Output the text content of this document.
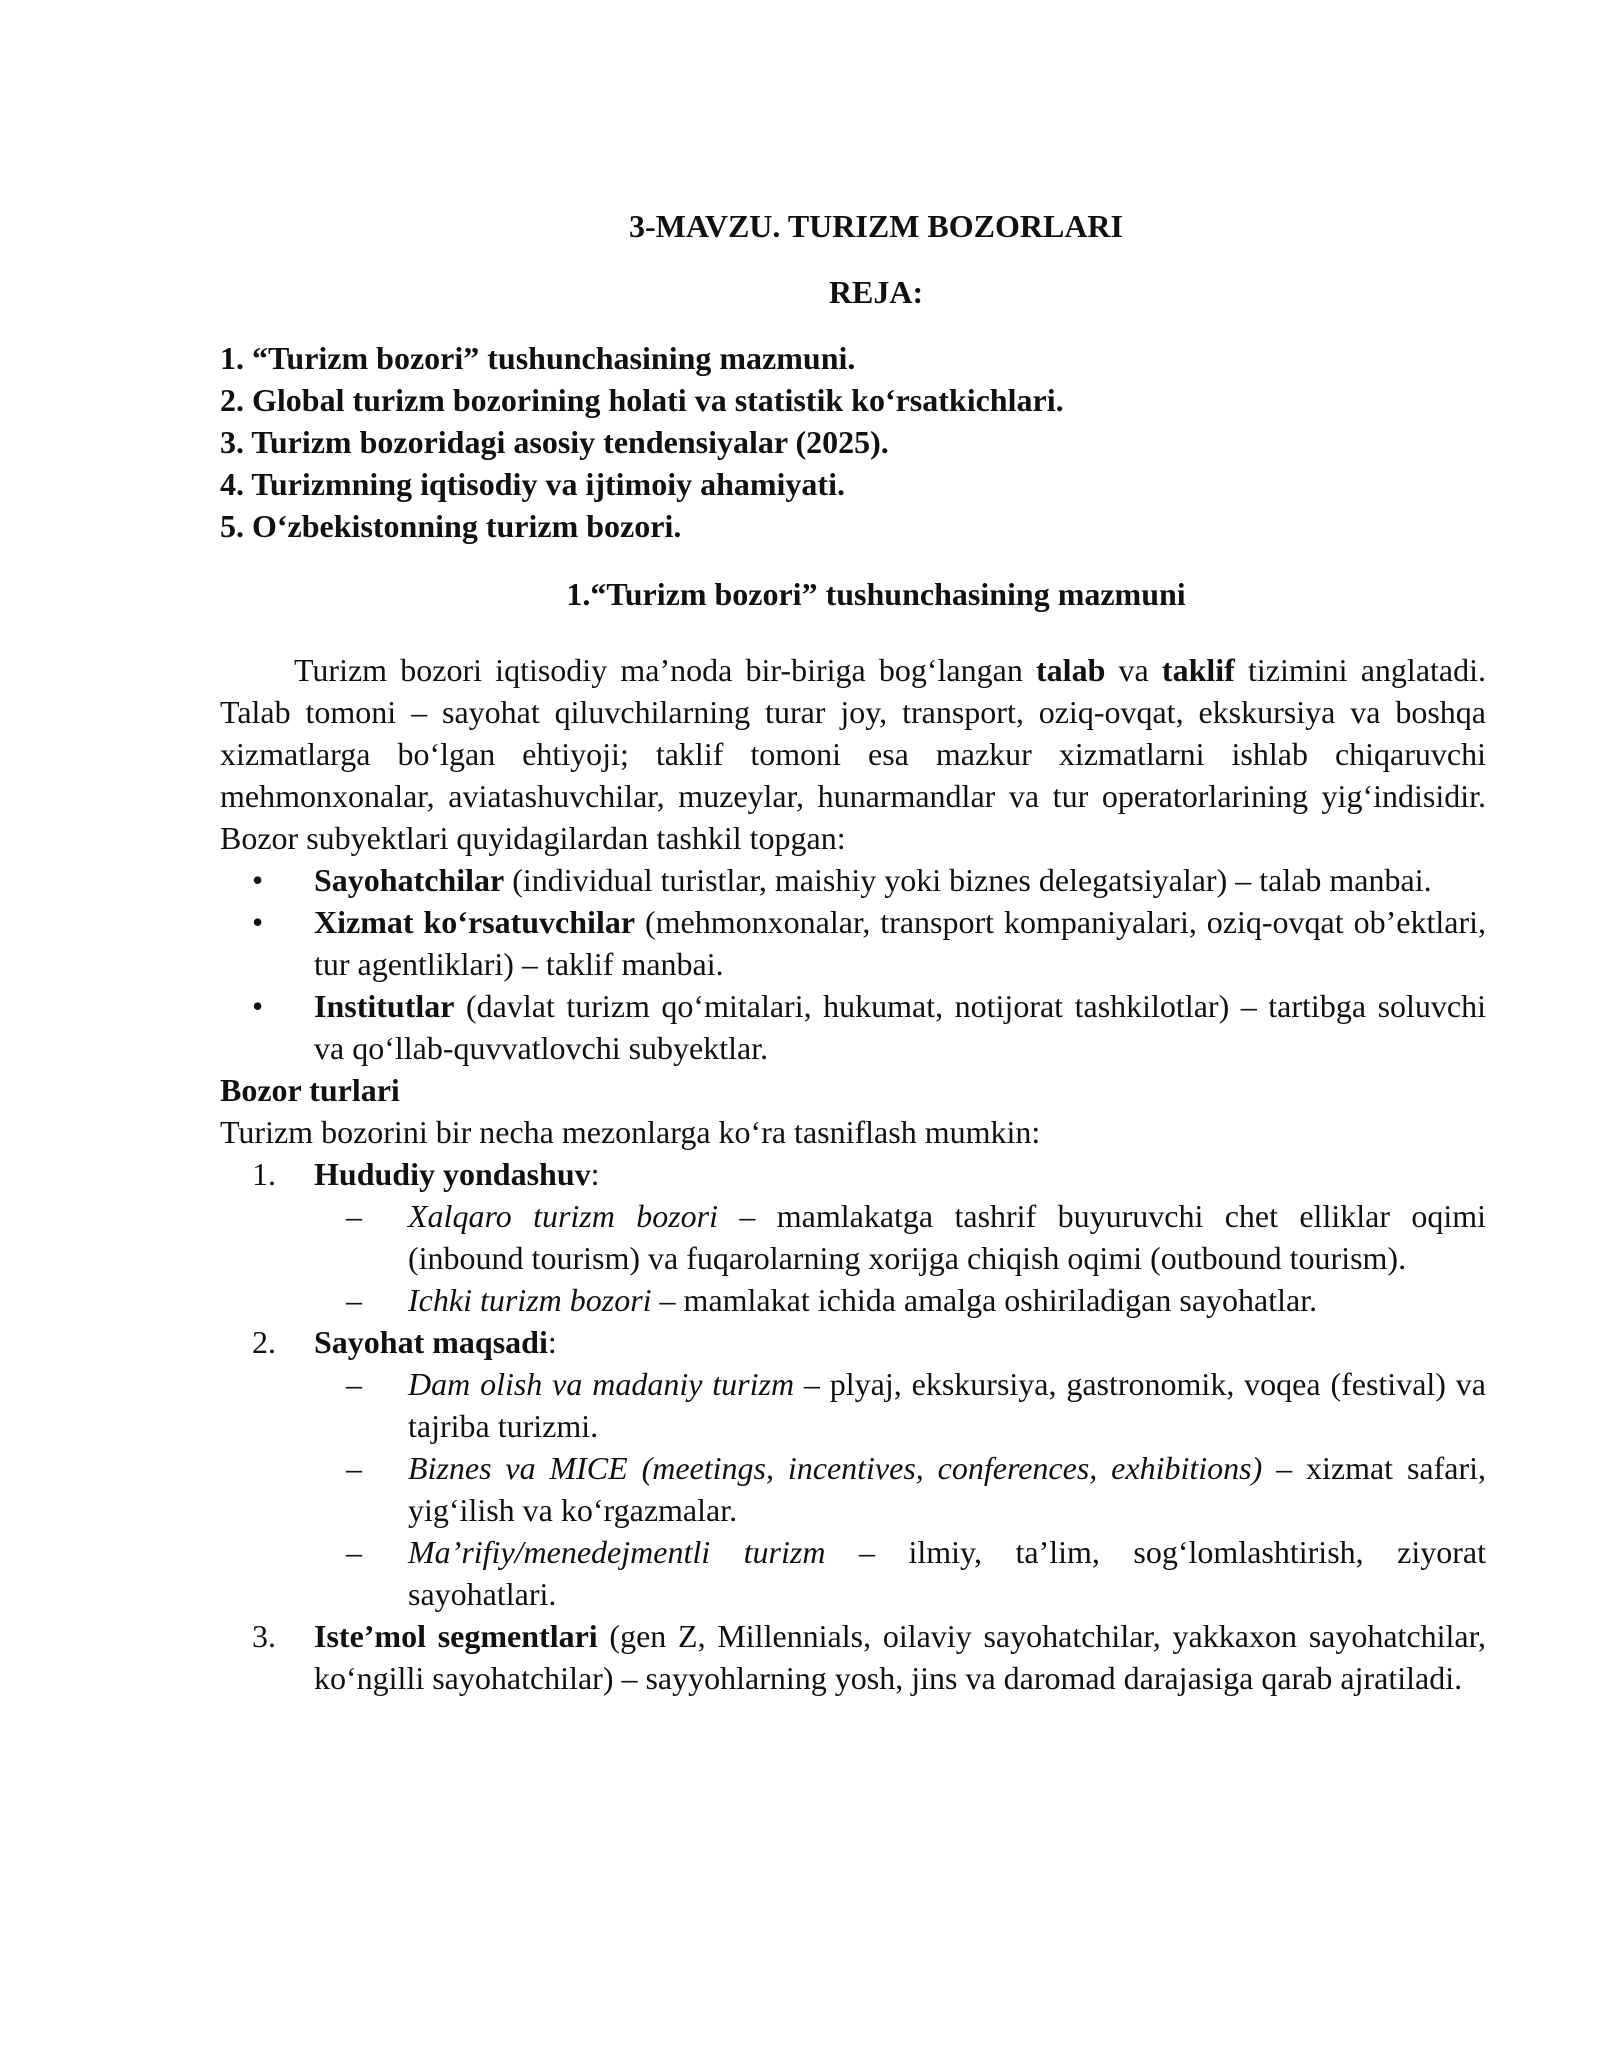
3-MAVZU. TURIZM BOZORLARI

REJA:

1. “Turizm bozori” tushunchasining mazmuni.
2. Global turizm bozorining holati va statistik ko‘rsatkichlari.
3. Turizm bozoridagi asosiy tendensiyalar (2025).
4. Turizmning iqtisodiy va ijtimoiy ahamiyati.
5. O‘zbekistonning turizm bozori.

1.“Turizm bozori” tushunchasining mazmuni

Turizm bozori iqtisodiy ma’noda bir-biriga bog‘langan talab va taklif tizimini anglatadi. Talab tomoni – sayohat qiluvchilarning turar joy, transport, oziq-ovqat, ekskursiya va boshqa xizmatlarga bo‘lgan ehtiyoji; taklif tomoni esa mazkur xizmatlarni ishlab chiqaruvchi mehmonxonalar, aviatashuvchilar, muzeylar, hunarmandlar va tur operatorlarining yig‘indisidir. Bozor subyektlari quyidagilardan tashkil topgan:

• Sayohatchilar (individual turistlar, maishiy yoki biznes delegatsiyalar) – talab manbai.
• Xizmat ko‘rsatuvchilar (mehmonxonalar, transport kompaniyalari, oziq-ovqat ob’ektlari, tur agentliklari) – taklif manbai.
• Institutlar (davlat turizm qo‘mitalari, hukumat, notijorat tashkilotlar) – tartibga soluvchi va qo‘llab-quvvatlovchi subyektlar.

Bozor turlari

Turizm bozorini bir necha mezonlarga ko‘ra tasniflash mumkin:

1. Hududiy yondashuv:
– Xalqaro turizm bozori – mamlakatga tashrif buyuruvchi chet elliklar oqimi (inbound tourism) va fuqarolarning xorijga chiqish oqimi (outbound tourism).
– Ichki turizm bozori – mamlakat ichida amalga oshiriladigan sayohatlar.
2. Sayohat maqsadi:
– Dam olish va madaniy turizm – plyaj, ekskursiya, gastronomik, voqea (festival) va tajriba turizmi.
– Biznes va MICE (meetings, incentives, conferences, exhibitions) – xizmat safari, yig‘ilish va ko‘rgazmalar.
– Ma’rifiy/menedejmentli turizm – ilmiy, ta’lim, sog‘lomlashtirish, ziyorat sayohatlari.
3. Iste’mol segmentlari (gen Z, Millennials, oilaviy sayohatchilar, yakkaxon sayohatchilar, ko‘ngilli sayohatchilar) – sayyohlarning yosh, jins va daromad darajasiga qarab ajratiladi.
